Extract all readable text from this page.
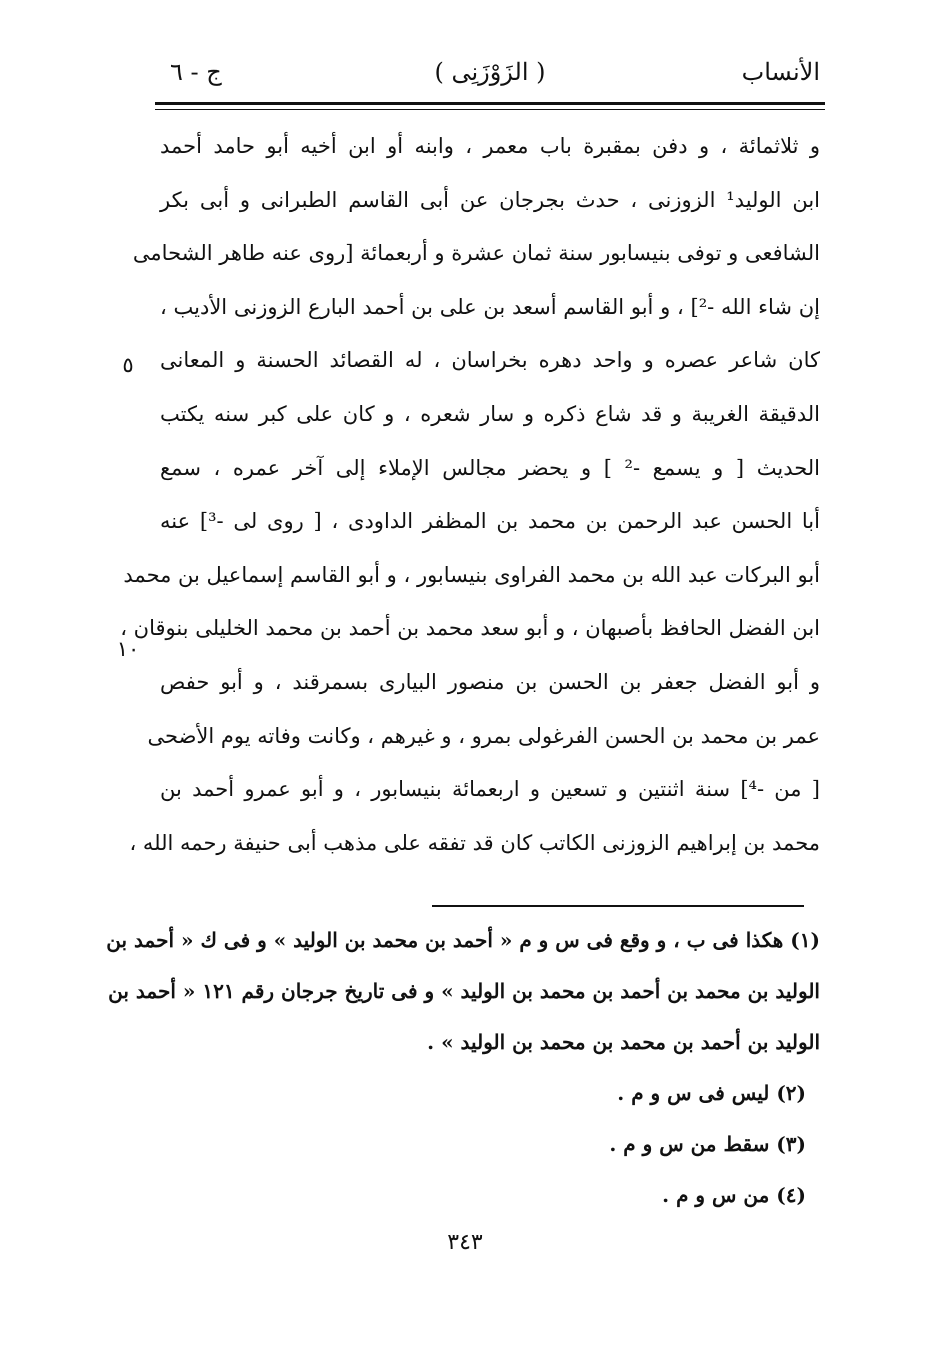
الأنساب
( الزَوْزَنِى )
ج - ٦
و ثلاثمائة ، و دفن بمقبرة باب معمر ، وابنه أو ابن أخيه أبو حامد أحمد
ابن الوليد¹ الزوزنى ، حدث بجرجان عن أبى القاسم الطبرانى و أبى بكر
الشافعى و توفى بنيسابور سنة ثمان عشرة و أربعمائة [روى عنه طاهر الشحامى
إن شاء الله -²] ، و أبو القاسم أسعد بن على بن أحمد البارع الزوزنى الأديب ،
كان شاعر عصره و واحد دهره بخراسان ، له القصائد الحسنة و المعانى
الدقيقة الغريبة و قد شاع ذكره و سار شعره ، و كان على كبر سنه يكتب
الحديث [ و يسمع -² ] و يحضر مجالس الإملاء إلى آخر عمره ، سمع
أبا الحسن عبد الرحمن بن محمد بن المظفر الداودى ، [ روى لى -³] عنه
أبو البركات عبد الله بن محمد الفراوى بنيسابور ، و أبو القاسم إسماعيل بن محمد
ابن الفضل الحافظ بأصبهان ، و أبو سعد محمد بن أحمد بن محمد الخليلى بنوقان ،
و أبو الفضل جعفر بن الحسن بن منصور البيارى بسمرقند ، و أبو حفص
عمر بن محمد بن الحسن الفرغولى بمرو ، و غيرهم ، وكانت وفاته يوم الأضحى
[ من -⁴] سنة اثنتين و تسعين و اربعمائة بنيسابور ، و أبو عمرو أحمد بن
محمد بن إبراهيم الزوزنى الكاتب كان قد تفقه على مذهب أبى حنيفة رحمه الله ،
٥
١٠
(١) هكذا فى ب ، و وقع فى س و م « أحمد بن محمد بن الوليد » و فى ك « أحمد بن
الوليد بن محمد بن أحمد بن محمد بن الوليد » و فى تاريخ جرجان رقم ١٢١ « أحمد بن
الوليد بن أحمد بن محمد بن محمد بن الوليد » .
(٢) ليس فى س و م .
(٣) سقط من س و م .
(٤) من س و م .
٣٤٣
